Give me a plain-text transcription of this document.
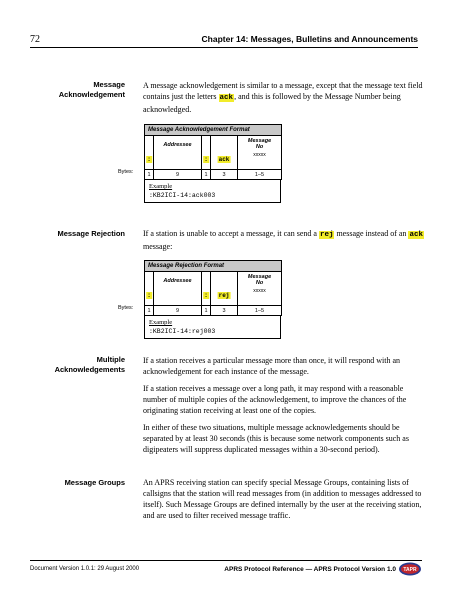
72	Chapter 14: Messages, Bulletins and Announcements
Message
Acknowledgement

A message acknowledgement is similar to a message, except that the message text field contains just the letters ack, and this is followed by the Message Number being acknowledged.

Message Acknowledgement Format				

:	Addressee	:	ack	Message
No
xxxxx

1	9	1	3	1–5
Bytes:
Example
:KB2ICI-14:ack003
Message Rejection If a station is unable to accept a message, it can send a rej message instead of an ack message:

Message Rejection Format				

:	Addressee	:	rej	Message
No
xxxxx

1	9	1	3	1–5
Bytes:
Example
:KB2ICI-14:rej003
Multiple
Acknowledgements

If a station receives a particular message more than once, it will respond with an acknowledgement for each instance of the message.

If a station receives a message over a long path, it may respond with a reasonable number of multiple copies of the acknowledgement, to improve the chances of the originating station receiving at least one of the copies.

In either of these two situations, multiple message acknowledgements should be separated by at least 30 seconds (this is because some network components such as digipeaters will suppress duplicated messages within a 30-second period).

Message Groups An APRS receiving station can specify special Message Groups, containing lists of callsigns that the station will read messages from (in addition to messages addressed to itself). Such Message Groups are defined internally by the user at the receiving station, and are used to filter received message traffic.

Document Version 1.0.1: 29 August 2000	APRS Protocol Reference — APRS Protocol Version 1.0 TAPR
